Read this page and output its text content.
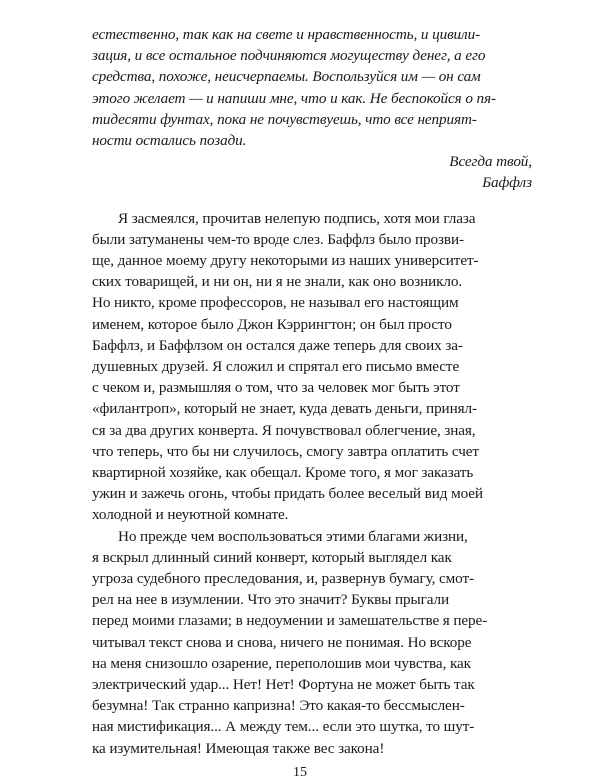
естественно, так как на свете и нравственность, и цивили-
зация, и все остальное подчиняются могуществу денег, а его
средства, похоже, неисчерпаемы. Воспользуйся им — он сам
этого желает — и напиши мне, что и как. Не беспокойся о пя-
тидесяти фунтах, пока не почувствуешь, что все неприят-
ности остались позади.
Всегда твой,
Баффлз
Я засмеялся, прочитав нелепую подпись, хотя мои глаза
были затуманены чем-то вроде слез. Баффлз было прозви-
ще, данное моему другу некоторыми из наших университет-
ских товарищей, и ни он, ни я не знали, как оно возникло.
Но никто, кроме профессоров, не называл его настоящим
именем, которое было Джон Кэррингтон; он был просто
Баффлз, и Баффлзом он остался даже теперь для своих за-
душевных друзей. Я сложил и спрятал его письмо вместе
с чеком и, размышляя о том, что за человек мог быть этот
«филантроп», который не знает, куда девать деньги, принял-
ся за два других конверта. Я почувствовал облегчение, зная,
что теперь, что бы ни случилось, смогу завтра оплатить счет
квартирной хозяйке, как обещал. Кроме того, я мог заказать
ужин и зажечь огонь, чтобы придать более веселый вид моей
холодной и неуютной комнате.
Но прежде чем воспользоваться этими благами жизни,
я вскрыл длинный синий конверт, который выглядел как
угроза судебного преследования, и, развернув бумагу, смот-
рел на нее в изумлении. Что это значит? Буквы прыгали
перед моими глазами; в недоумении и замешательстве я пере-
читывал текст снова и снова, ничего не понимая. Но вскоре
на меня снизошло озарение, переполошив мои чувства, как
электрический удар... Нет! Нет! Фортуна не может быть так
безумна! Так странно капризна! Это какая-то бессмыслен-
ная мистификация... А между тем... если это шутка, то шут-
ка изумительная! Имеющая также вес закона!
15
